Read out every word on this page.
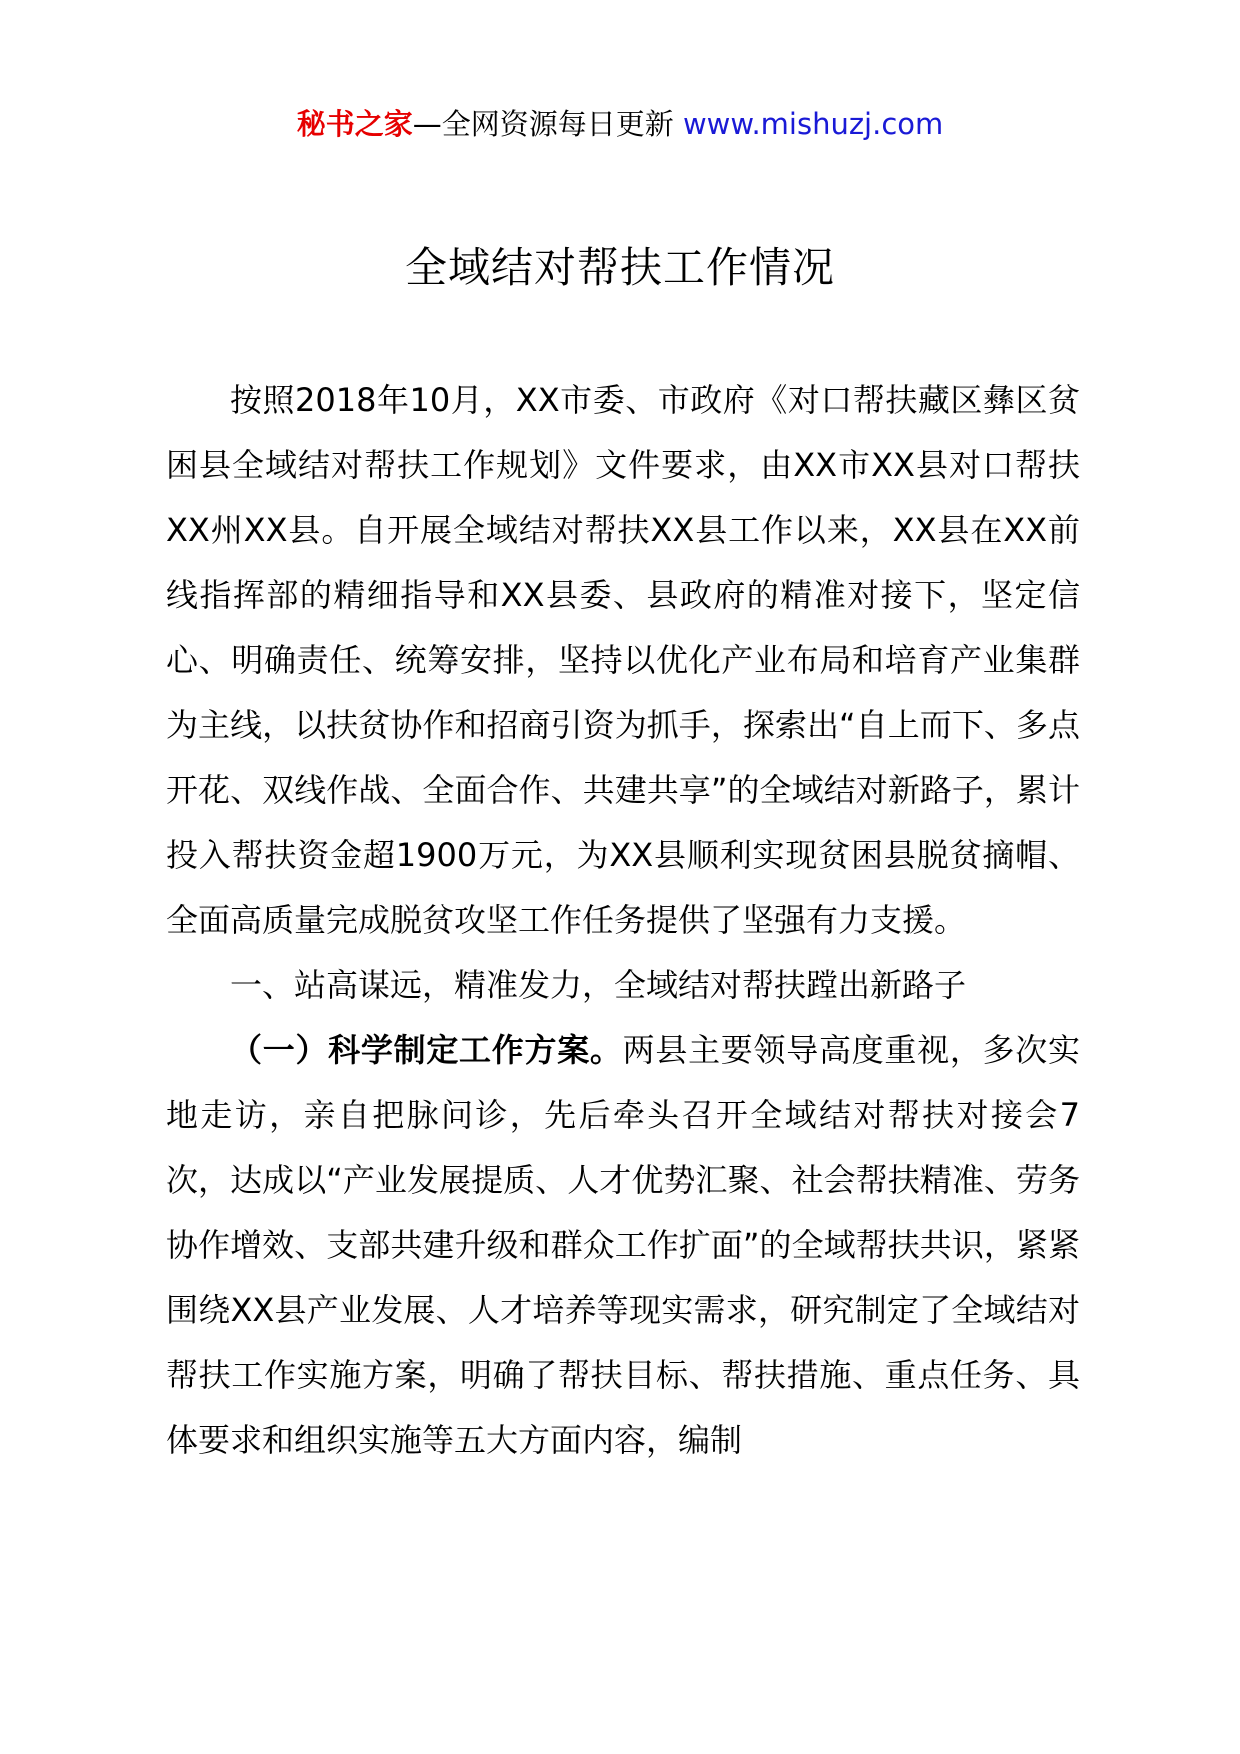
秘书之家—全网资源每日更新 www.mishuzj.com
全域结对帮扶工作情况

按照2018年10月，XX市委、市政府《对口帮扶藏区彝区贫困县全域结对帮扶工作规划》文件要求，由XX市XX县对口帮扶XX州XX县。自开展全域结对帮扶XX县工作以来，XX县在XX前线指挥部的精细指导和XX县委、县政府的精准对接下，坚定信心、明确责任、统筹安排，坚持以优化产业布局和培育产业集群为主线，以扶贫协作和招商引资为抓手，探索出“自上而下、多点开花、双线作战、全面合作、共建共享”的全域结对新路子，累计投入帮扶资金超1900万元，为XX县顺利实现贫困县脱贫摘帽、全面高质量完成脱贫攻坚工作任务提供了坚强有力支援。

一、站高谋远，精准发力，全域结对帮扶蹚出新路子

（一）科学制定工作方案。两县主要领导高度重视，多次实地走访，亲自把脉问诊，先后牵头召开全域结对帮扶对接会7次，达成以“产业发展提质、人才优势汇聚、社会帮扶精准、劳务协作增效、支部共建升级和群众工作扩面”的全域帮扶共识，紧紧围绕XX县产业发展、人才培养等现实需求，研究制定了全域结对帮扶工作实施方案，明确了帮扶目标、帮扶措施、重点任务、具体要求和组织实施等五大方面内容，编制
